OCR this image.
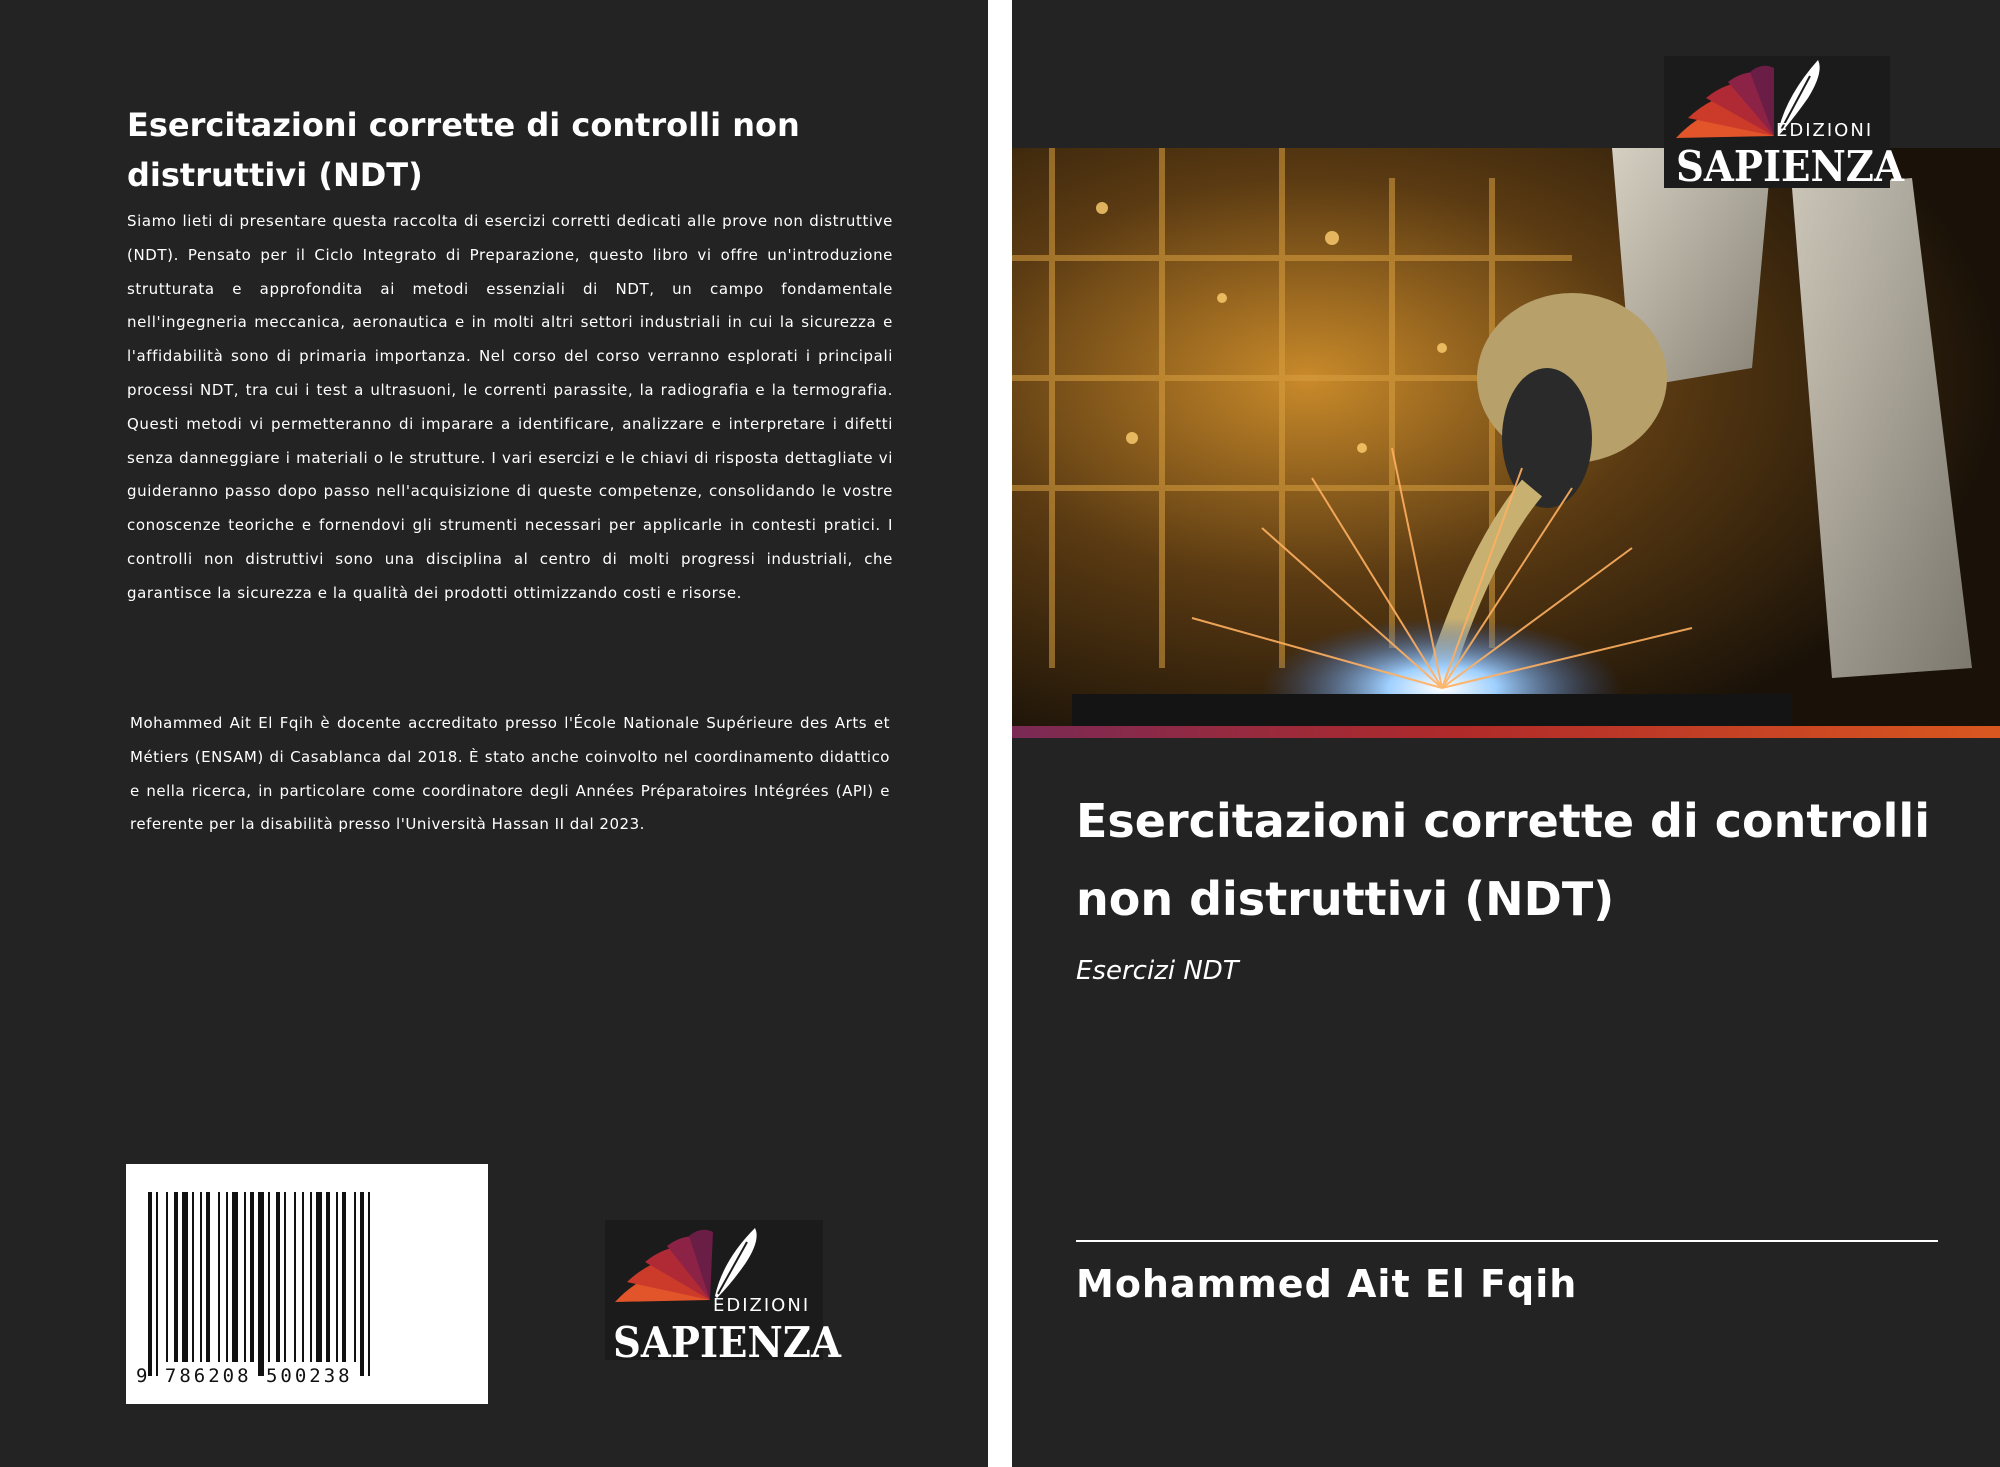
Esercitazioni corrette di controlli non distruttivi (NDT)

Siamo lieti di presentare questa raccolta di esercizi corretti dedicati alle prove non distruttive (NDT). Pensato per il Ciclo Integrato di Preparazione, questo libro vi offre un'introduzione strutturata e approfondita ai metodi essenziali di NDT, un campo fondamentale nell'ingegneria meccanica, aeronautica e in molti altri settori industriali in cui la sicurezza e l'affidabilità sono di primaria importanza. Nel corso del corso verranno esplorati i principali processi NDT, tra cui i test a ultrasuoni, le correnti parassite, la radiografia e la termografia. Questi metodi vi permetteranno di imparare a identificare, analizzare e interpretare i difetti senza danneggiare i materiali o le strutture. I vari esercizi e le chiavi di risposta dettagliate vi guideranno passo dopo passo nell'acquisizione di queste competenze, consolidando le vostre conoscenze teoriche e fornendovi gli strumenti necessari per applicarle in contesti pratici. I controlli non distruttivi sono una disciplina al centro di molti progressi industriali, che garantisce la sicurezza e la qualità dei prodotti ottimizzando costi e risorse.

Mohammed Ait El Fqih è docente accreditato presso l'École Nationale Supérieure des Arts et Métiers (ENSAM) di Casablanca dal 2018. È stato anche coinvolto nel coordinamento didattico e nella ricerca, in particolare come coordinatore degli Années Préparatoires Intégrées (API) e referente per la disabilità presso l'Università Hassan II dal 2023.

9 786208 500238
EDIZIONI
SAPIENZA
EDIZIONI
SAPIENZA
Esercitazioni corrette di controlli non distruttivi (NDT)

Esercizi NDT

Mohammed Ait El Fqih
